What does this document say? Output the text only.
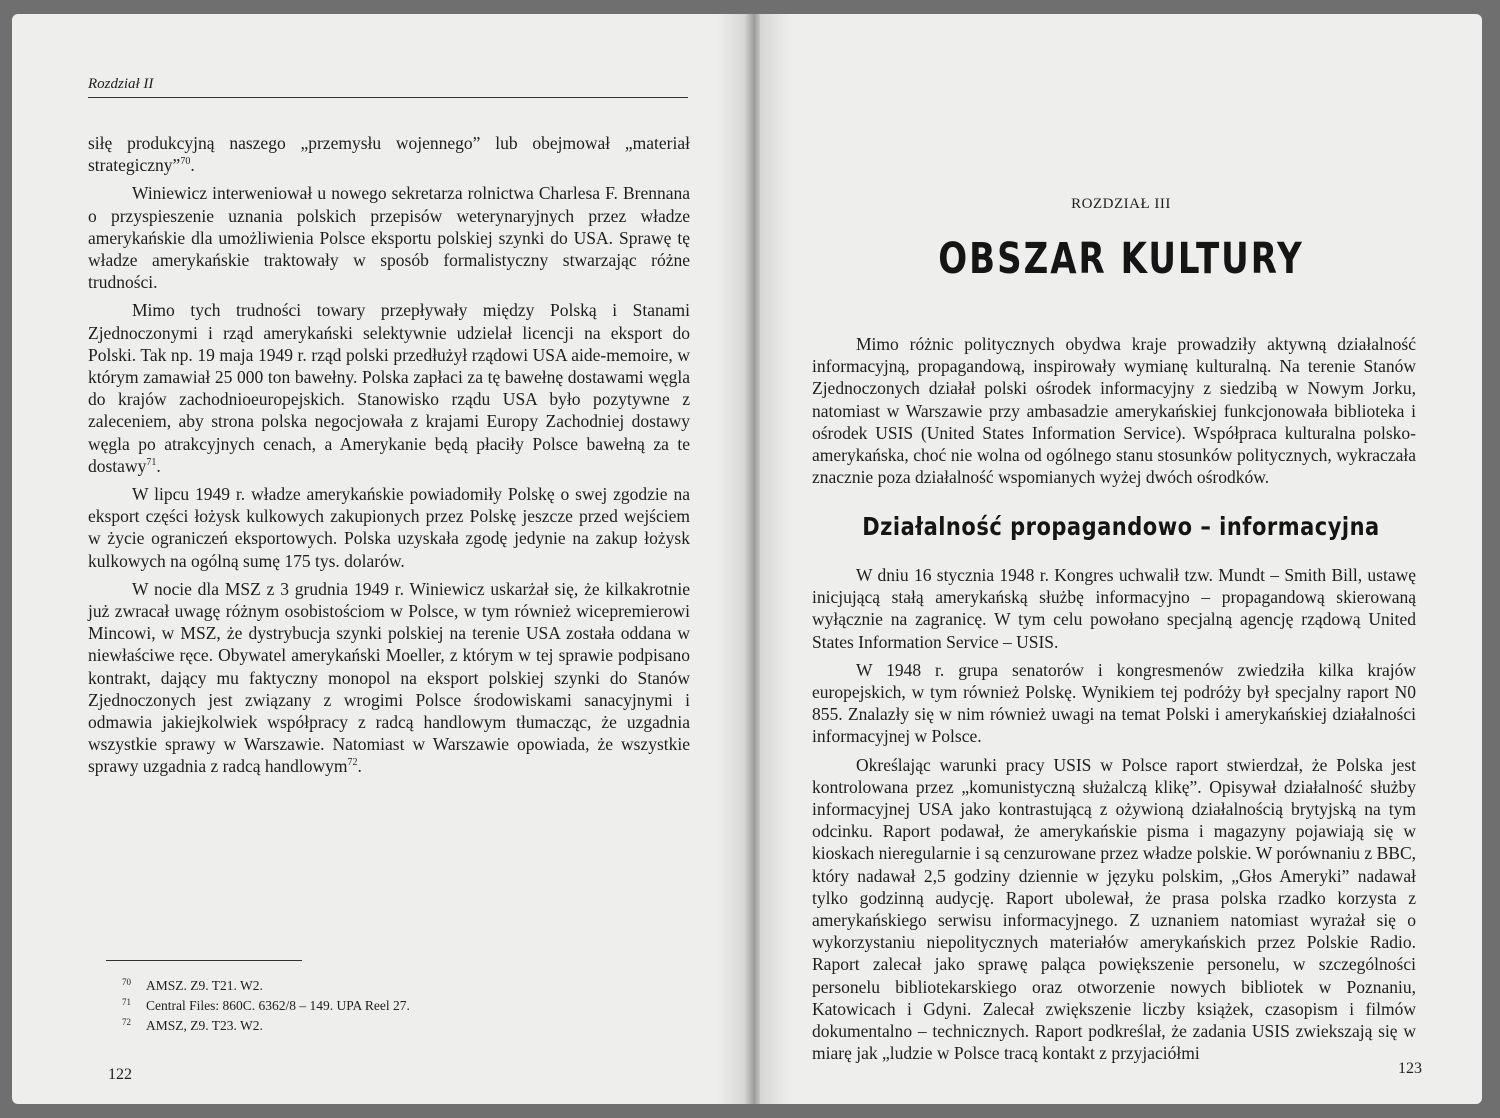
Rozdział II

siłę produkcyjną naszego „przemysłu wojennego” lub obejmował „materiał strategiczny”$^{70}$.

Winiewicz interweniował u nowego sekretarza rolnictwa Charlesa F. Brennana o przyspieszenie uznania polskich przepisów weterynaryjnych przez władze amerykańskie dla umożliwienia Polsce eksportu polskiej szynki do USA. Sprawę tę władze amerykańskie traktowały w sposób formalistyczny stwarzając różne trudności.

Mimo tych trudności towary przepływały między Polską i Stanami Zjednoczonymi i rząd amerykański selektywnie udzielał licencji na eksport do Polski. Tak np. 19 maja 1949 r. rząd polski przedłużył rządowi USA aide-memoire, w którym zamawiał 25 000 ton bawełny. Polska zapłaci za tę bawełnę dostawami węgla do krajów zachodnioeuropejskich. Stanowisko rządu USA było pozytywne z zaleceniem, aby strona polska negocjowała z krajami Europy Zachodniej dostawy węgla po atrakcyjnych cenach, a Amerykanie będą płaciły Polsce bawełną za te dostawy$^{71}$.

W lipcu 1949 r. władze amerykańskie powiadomiły Polskę o swej zgodzie na eksport części łożysk kulkowych zakupionych przez Polskę jeszcze przed wejściem w życie ograniczeń eksportowych. Polska uzyskała zgodę jedynie na zakup łożysk kulkowych na ogólną sumę 175 tys. dolarów.

W nocie dla MSZ z 3 grudnia 1949 r. Winiewicz uskarżał się, że kilkakrotnie już zwracał uwagę różnym osobistościom w Polsce, w tym również wicepremierowi Mincowi, w MSZ, że dystrybucja szynki polskiej na terenie USA została oddana w niewłaściwe ręce. Obywatel amerykański Moeller, z którym w tej sprawie podpisano kontrakt, dający mu faktyczny monopol na eksport polskiej szynki do Stanów Zjednoczonych jest związany z wrogimi Polsce środowiskami sanacyjnymi i odmawia jakiejkolwiek współpracy z radcą handlowym tłumacząc, że uzgadnia wszystkie sprawy w Warszawie. Natomiast w Warszawie opowiada, że wszystkie sprawy uzgadnia z radcą handlowym$^{72}$.

70 AMSZ. Z9. T21. W2.
71 Central Files: 860C. 6362/8 – 149. UPA Reel 27.
72 AMSZ, Z9. T23. W2.
122
ROZDZIAŁ III
OBSZAR KULTURY

Mimo różnic politycznych obydwa kraje prowadziły aktywną działalność informacyjną, propagandową, inspirowały wymianę kulturalną. Na terenie Stanów Zjednoczonych działał polski ośrodek informacyjny z siedzibą w Nowym Jorku, natomiast w Warszawie przy ambasadzie amerykańskiej funkcjonowała biblioteka i ośrodek USIS (United States Information Service). Współpraca kulturalna polsko-amerykańska, choć nie wolna od ogólnego stanu stosunków politycznych, wykraczała znacznie poza działalność wspomianych wyżej dwóch ośrodków.

Działalność propagandowo – informacyjna

W dniu 16 stycznia 1948 r. Kongres uchwalił tzw. Mundt – Smith Bill, ustawę inicjującą stałą amerykańską służbę informacyjno – propagandową skierowaną wyłącznie na zagranicę. W tym celu powołano specjalną agencję rządową United States Information Service – USIS.

W 1948 r. grupa senatorów i kongresmenów zwiedziła kilka krajów europejskich, w tym również Polskę. Wynikiem tej podróży był specjalny raport N0 855. Znalazły się w nim również uwagi na temat Polski i amerykańskiej działalności informacyjnej w Polsce.

Określając warunki pracy USIS w Polsce raport stwierdzał, że Polska jest kontrolowana przez „komunistyczną służalczą klikę”. Opisywał działalność służby informacyjnej USA jako kontrastującą z ożywioną działalnością brytyjską na tym odcinku. Raport podawał, że amerykańskie pisma i magazyny pojawiają się w kioskach nieregularnie i są cenzurowane przez władze polskie. W porównaniu z BBC, który nadawał 2,5 godziny dziennie w języku polskim, „Głos Ameryki” nadawał tylko godzinną audycję. Raport ubolewał, że prasa polska rzadko korzysta z amerykańskiego serwisu informacyjnego. Z uznaniem natomiast wyrażał się o wykorzystaniu niepolitycznych materiałów amerykańskich przez Polskie Radio. Raport zalecał jako sprawę paląca powiększenie personelu, w szczególności personelu bibliotekarskiego oraz otworzenie nowych bibliotek w Poznaniu, Katowicach i Gdyni. Zalecał zwiększenie liczby książek, czasopism i filmów dokumentalno – technicznych. Raport podkreślał, że zadania USIS zwiekszają się w miarę jak „ludzie w Polsce tracą kontakt z przyjaciółmi

123
